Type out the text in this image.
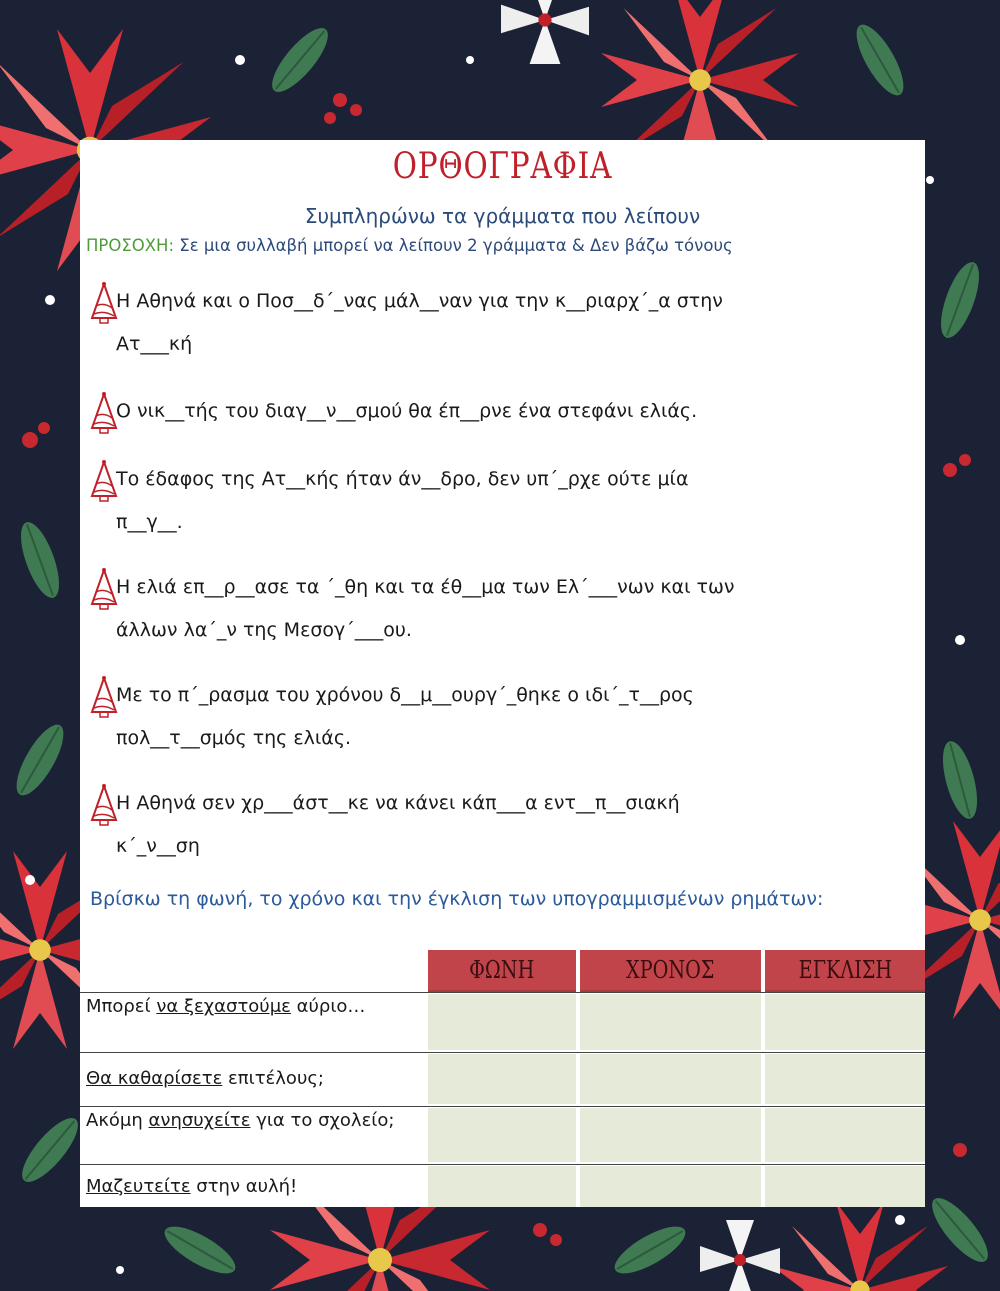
ΟΡΘΟΓΡΑΦΙΑ
Συμπληρώνω τα γράμματα που λείπουν
ΠΡΟΣΟΧΗ: Σε μια συλλαβή μπορεί να λείπουν 2 γράμματα & Δεν βάζω τόνους
Η Αθηνά και ο Ποσ__δ´_νας μάλ__ναν για την κ__ριαρχ´_α στην
Ατ___κή
Ο νικ__τής του διαγ__ν__σμού θα έπ__ρνε ένα στεφάνι ελιάς.
Το έδαφος της Ατ__κής ήταν άν__δρο, δεν υπ´_ρχε ούτε μία
π__γ__.
Η ελιά επ__ρ__ασε τα ´_θη και τα έθ__μα των Ελ´___νων και των
άλλων λα´_ν της Μεσογ´___ου.
Με το π´_ρασμα του χρόνου δ__μ__ουργ´_θηκε ο ιδι´_τ__ρος
πολ__τ__σμός της ελιάς.
Η Αθηνά σεν χρ___άστ__κε να κάνει κάπ___α εντ__π__σιακή
κ´_ν__ση
Βρίσκω τη φωνή, το χρόνο και την έγκλιση των υπογραμμισμένων ρημάτων:
ΦΩΝΗ	ΧΡΟΝΟΣ	ΕΓΚΛΙΣΗ
Μπορεί να ξεχαστούμε αύριο…
Θα καθαρίσετε επιτέλους;
Ακόμη ανησυχείτε για το σχολείο;
Μαζευτείτε στην αυλή!
